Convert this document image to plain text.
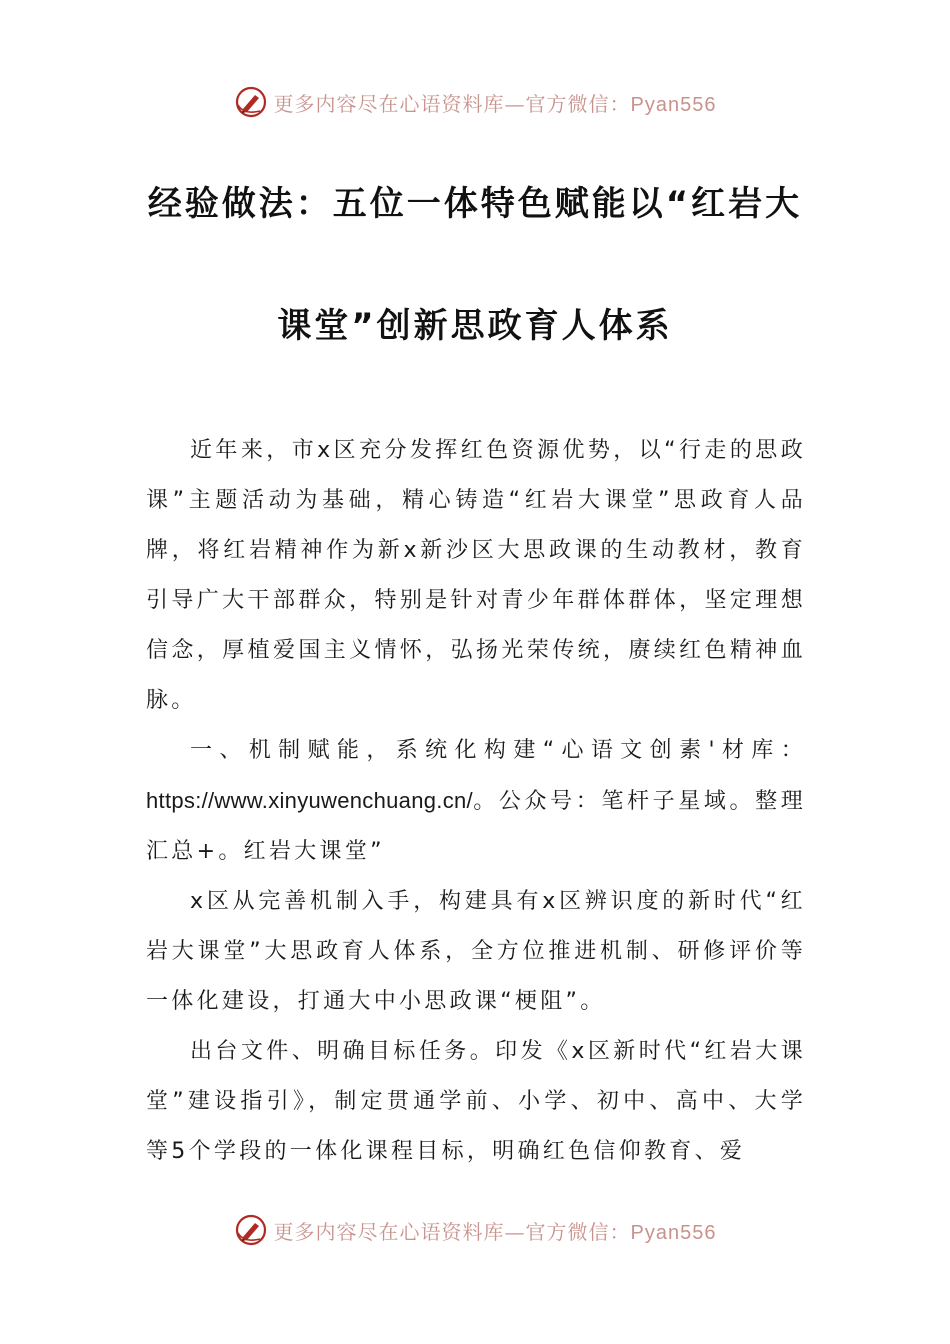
更多内容尽在心语资料库—官方微信：Pyan556
经验做法：五位一体特色赋能以“红岩大
课堂”创新思政育人体系

近年来，市x区充分发挥红色资源优势，以“行走的思政课”主题活动为基础，精心铸造“红岩大课堂”思政育人品牌，将红岩精神作为新x新沙区大思政课的生动教材，教育引导广大干部群众，特别是针对青少年群体群体，坚定理想信念，厚植爱国主义情怀，弘扬光荣传统，赓续红色精神血脉。

一、机制赋能，系统化构建“心语文创素'材库：https://www.xinyuwenchuang.cn/。公众号：笔杆子星域。整理汇总+。红岩大课堂”

x区从完善机制入手，构建具有x区辨识度的新时代“红岩大课堂”大思政育人体系，全方位推进机制、研修评价等一体化建设，打通大中小思政课“梗阻”。

出台文件、明确目标任务。印发《x区新时代“红岩大课堂”建设指引》，制定贯通学前、小学、初中、高中、大学等5个学段的一体化课程目标，明确红色信仰教育、爱

更多内容尽在心语资料库—官方微信：Pyan556
